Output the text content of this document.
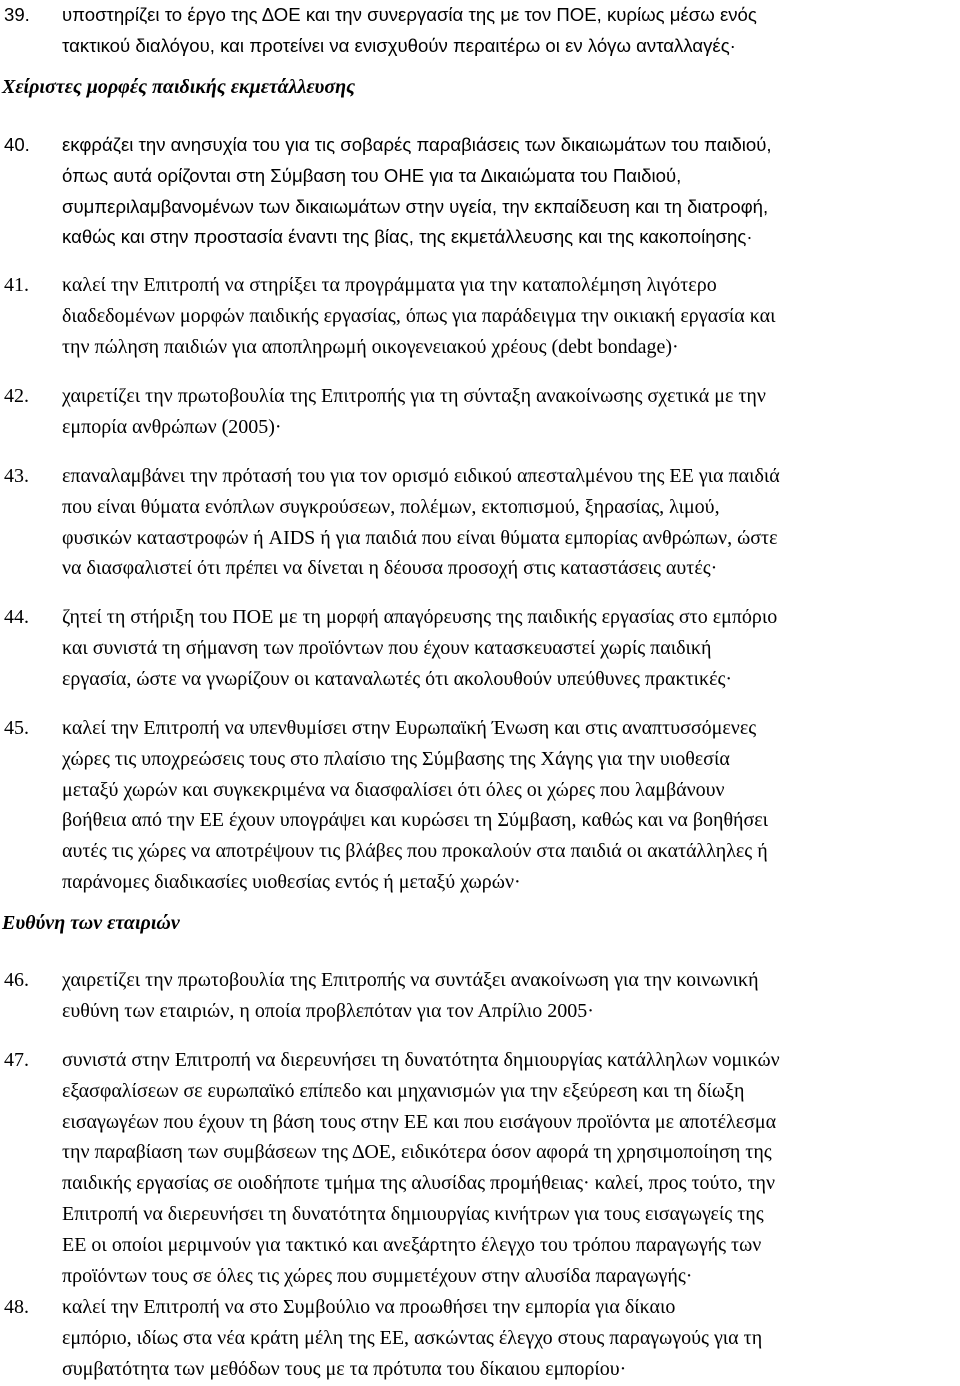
39. υποστηρίζει το έργο της ΔΟΕ και την συνεργασία της με τον ΠΟΕ, κυρίως μέσω ενός
τακτικού διαλόγου, και προτείνει να ενισχυθούν περαιτέρω οι εν λόγω ανταλλαγές·
Χείριστες μορφές παιδικής εκμετάλλευσης
40. εκφράζει την ανησυχία του για τις σοβαρές παραβιάσεις των δικαιωμάτων του παιδιού,
όπως αυτά ορίζονται στη Σύμβαση του ΟΗΕ για τα Δικαιώματα του Παιδιού,
συμπεριλαμβανομένων των δικαιωμάτων στην υγεία, την εκπαίδευση και τη διατροφή,
καθώς και στην προστασία έναντι της βίας, της εκμετάλλευσης και της κακοποίησης·
41. καλεί την Επιτροπή να στηρίξει τα προγράμματα για την καταπολέμηση λιγότερο
διαδεδομένων μορφών παιδικής εργασίας, όπως για παράδειγμα την οικιακή εργασία και
την πώληση παιδιών για αποπληρωμή οικογενειακού χρέους (debt bondage)·
42. χαιρετίζει την πρωτοβουλία της Επιτροπής για τη σύνταξη ανακοίνωσης σχετικά με την
εμπορία ανθρώπων (2005)·
43. επαναλαμβάνει την πρότασή του για τον ορισμό ειδικού απεσταλμένου της ΕΕ για παιδιά
που είναι θύματα ενόπλων συγκρούσεων, πολέμων, εκτοπισμού, ξηρασίας, λιμού,
φυσικών καταστροφών ή AIDS ή για παιδιά που είναι θύματα εμπορίας ανθρώπων, ώστε
να διασφαλιστεί ότι πρέπει να δίνεται η δέουσα προσοχή στις καταστάσεις αυτές·
44. ζητεί τη στήριξη του ΠΟΕ με τη μορφή απαγόρευσης της παιδικής εργασίας στο εμπόριο
και συνιστά τη σήμανση των προϊόντων που έχουν κατασκευαστεί χωρίς παιδική
εργασία, ώστε να γνωρίζουν οι καταναλωτές ότι ακολουθούν υπεύθυνες πρακτικές·
45. καλεί την Επιτροπή να υπενθυμίσει στην Ευρωπαϊκή Ένωση και στις αναπτυσσόμενες
χώρες τις υποχρεώσεις τους στο πλαίσιο της Σύμβασης της Χάγης για την υιοθεσία
μεταξύ χωρών και συγκεκριμένα να διασφαλίσει ότι όλες οι χώρες που λαμβάνουν
βοήθεια από την ΕΕ έχουν υπογράψει και κυρώσει τη Σύμβαση, καθώς και να βοηθήσει
αυτές τις χώρες να αποτρέψουν τις βλάβες που προκαλούν στα παιδιά οι ακατάλληλες ή
παράνομες διαδικασίες υιοθεσίας εντός ή μεταξύ χωρών·
Ευθύνη των εταιριών
46. χαιρετίζει την πρωτοβουλία της Επιτροπής να συντάξει ανακοίνωση για την κοινωνική
ευθύνη των εταιριών, η οποία προβλεπόταν για τον Απρίλιο 2005·
47. συνιστά στην Επιτροπή να διερευνήσει τη δυνατότητα δημιουργίας κατάλληλων νομικών
εξασφαλίσεων σε ευρωπαϊκό επίπεδο και μηχανισμών για την εξεύρεση και τη δίωξη
εισαγωγέων που έχουν τη βάση τους στην ΕΕ και που εισάγουν προϊόντα με αποτέλεσμα
την παραβίαση των συμβάσεων της ΔΟΕ, ειδικότερα όσον αφορά τη χρησιμοποίηση της
παιδικής εργασίας σε οιοδήποτε τμήμα της αλυσίδας προμήθειας· καλεί, προς τούτο, την
Επιτροπή να διερευνήσει τη δυνατότητα δημιουργίας κινήτρων για τους εισαγωγείς της
ΕΕ οι οποίοι μεριμνούν για τακτικό και ανεξάρτητο έλεγχο του τρόπου παραγωγής των
προϊόντων τους σε όλες τις χώρες που συμμετέχουν στην αλυσίδα παραγωγής·
48. καλεί την Επιτροπή να στο Συμβούλιο να προωθήσει την εμπορία για δίκαιο
εμπόριο, ιδίως στα νέα κράτη μέλη της ΕΕ, ασκώντας έλεγχο στους παραγωγούς για τη
συμβατότητα των μεθόδων τους με τα πρότυπα του δίκαιου εμπορίου·
